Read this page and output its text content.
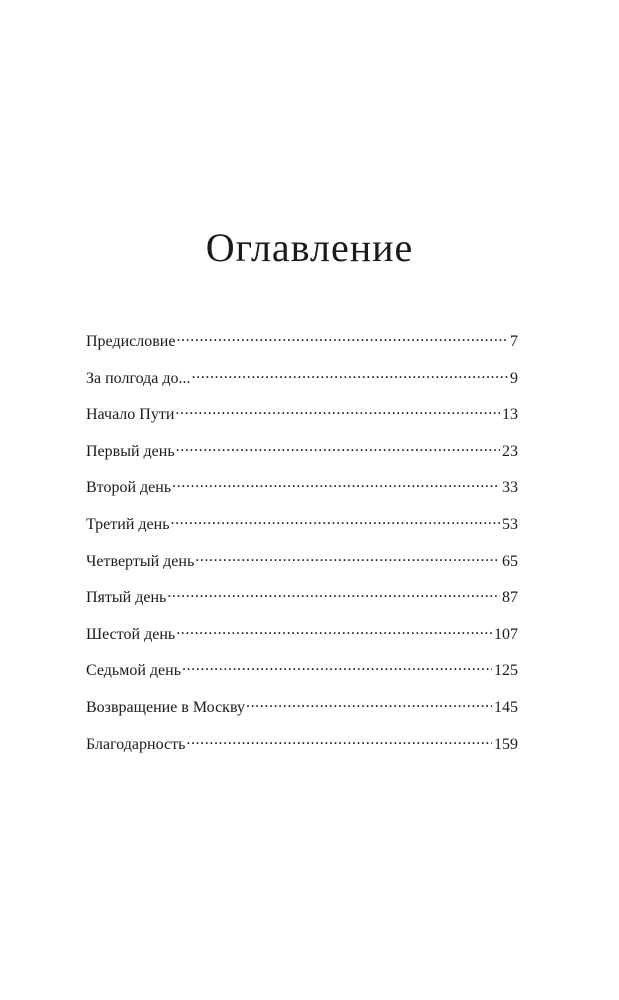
Оглавление
Предисловие .....	7
За полгода до... .....	9
Начало Пути .....	13
Первый день .....	23
Второй день .....	33
Третий день .....	53
Четвертый день .....	65
Пятый день .....	87
Шестой день .....	107
Седьмой день .....	125
Возвращение в Москву .....	145
Благодарность .....	159
